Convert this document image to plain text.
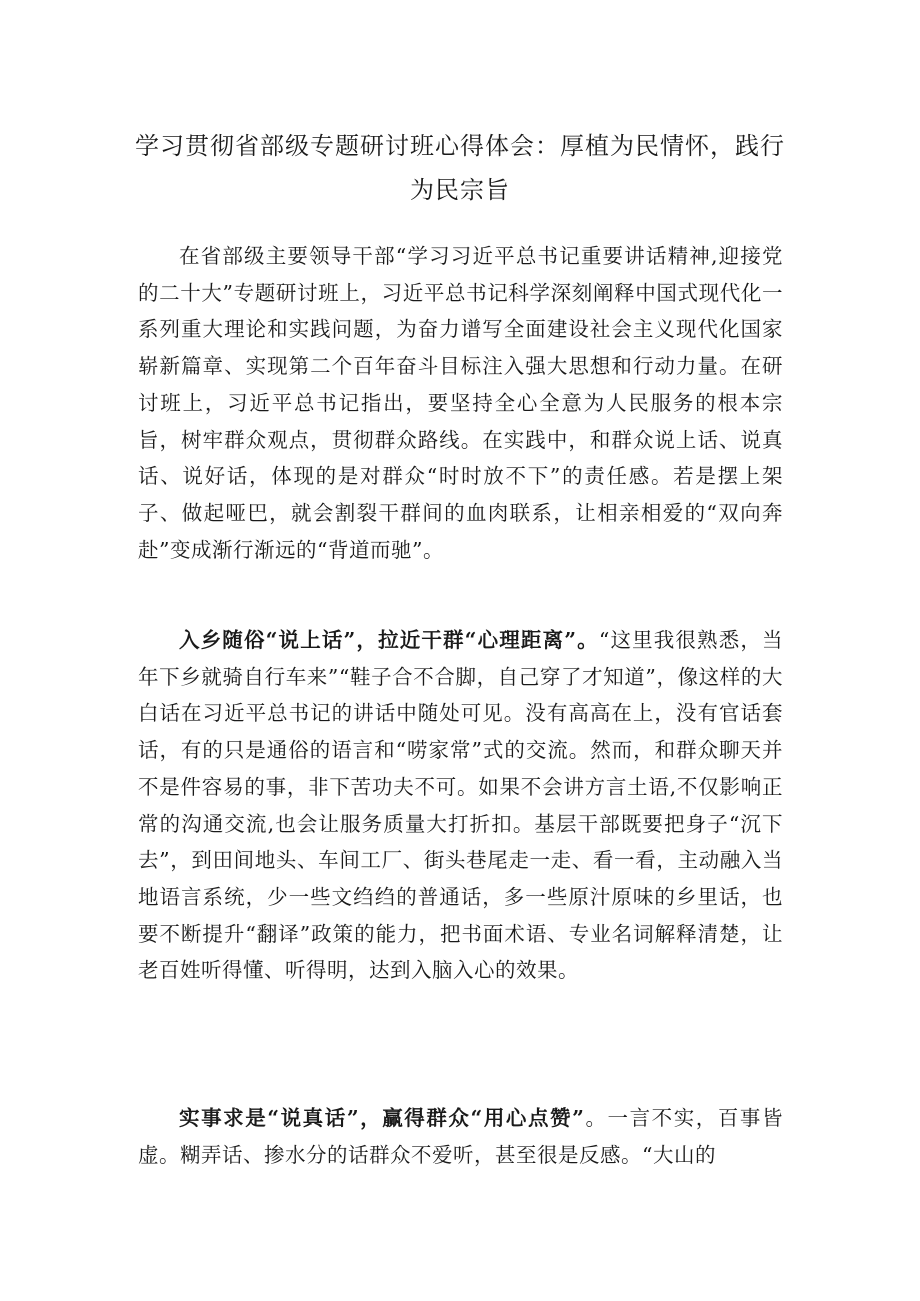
学习贯彻省部级专题研讨班心得体会：厚植为民情怀，践行
为民宗旨

在省部级主要领导干部“学习习近平总书记重要讲话精神,迎接党的二十大”专题研讨班上，习近平总书记科学深刻阐释中国式现代化一系列重大理论和实践问题，为奋力谱写全面建设社会主义现代化国家崭新篇章、实现第二个百年奋斗目标注入强大思想和行动力量。在研讨班上，习近平总书记指出，要坚持全心全意为人民服务的根本宗旨，树牢群众观点，贯彻群众路线。在实践中，和群众说上话、说真话、说好话，体现的是对群众“时时放不下”的责任感。若是摆上架子、做起哑巴，就会割裂干群间的血肉联系，让相亲相爱的“双向奔赴”变成渐行渐远的“背道而驰”。

入乡随俗“说上话”，拉近干群“心理距离”。“这里我很熟悉，当年下乡就骑自行车来”“鞋子合不合脚，自己穿了才知道”，像这样的大白话在习近平总书记的讲话中随处可见。没有高高在上，没有官话套话，有的只是通俗的语言和“唠家常”式的交流。然而，和群众聊天并不是件容易的事，非下苦功夫不可。如果不会讲方言土语,不仅影响正常的沟通交流,也会让服务质量大打折扣。基层干部既要把身子“沉下去”，到田间地头、车间工厂、街头巷尾走一走、看一看，主动融入当地语言系统，少一些文绉绉的普通话，多一些原汁原味的乡里话，也要不断提升“翻译”政策的能力，把书面术语、专业名词解释清楚，让老百姓听得懂、听得明，达到入脑入心的效果。

实事求是“说真话”，赢得群众“用心点赞”。一言不实，百事皆虚。糊弄话、掺水分的话群众不爱听，甚至很是反感。“大山的
